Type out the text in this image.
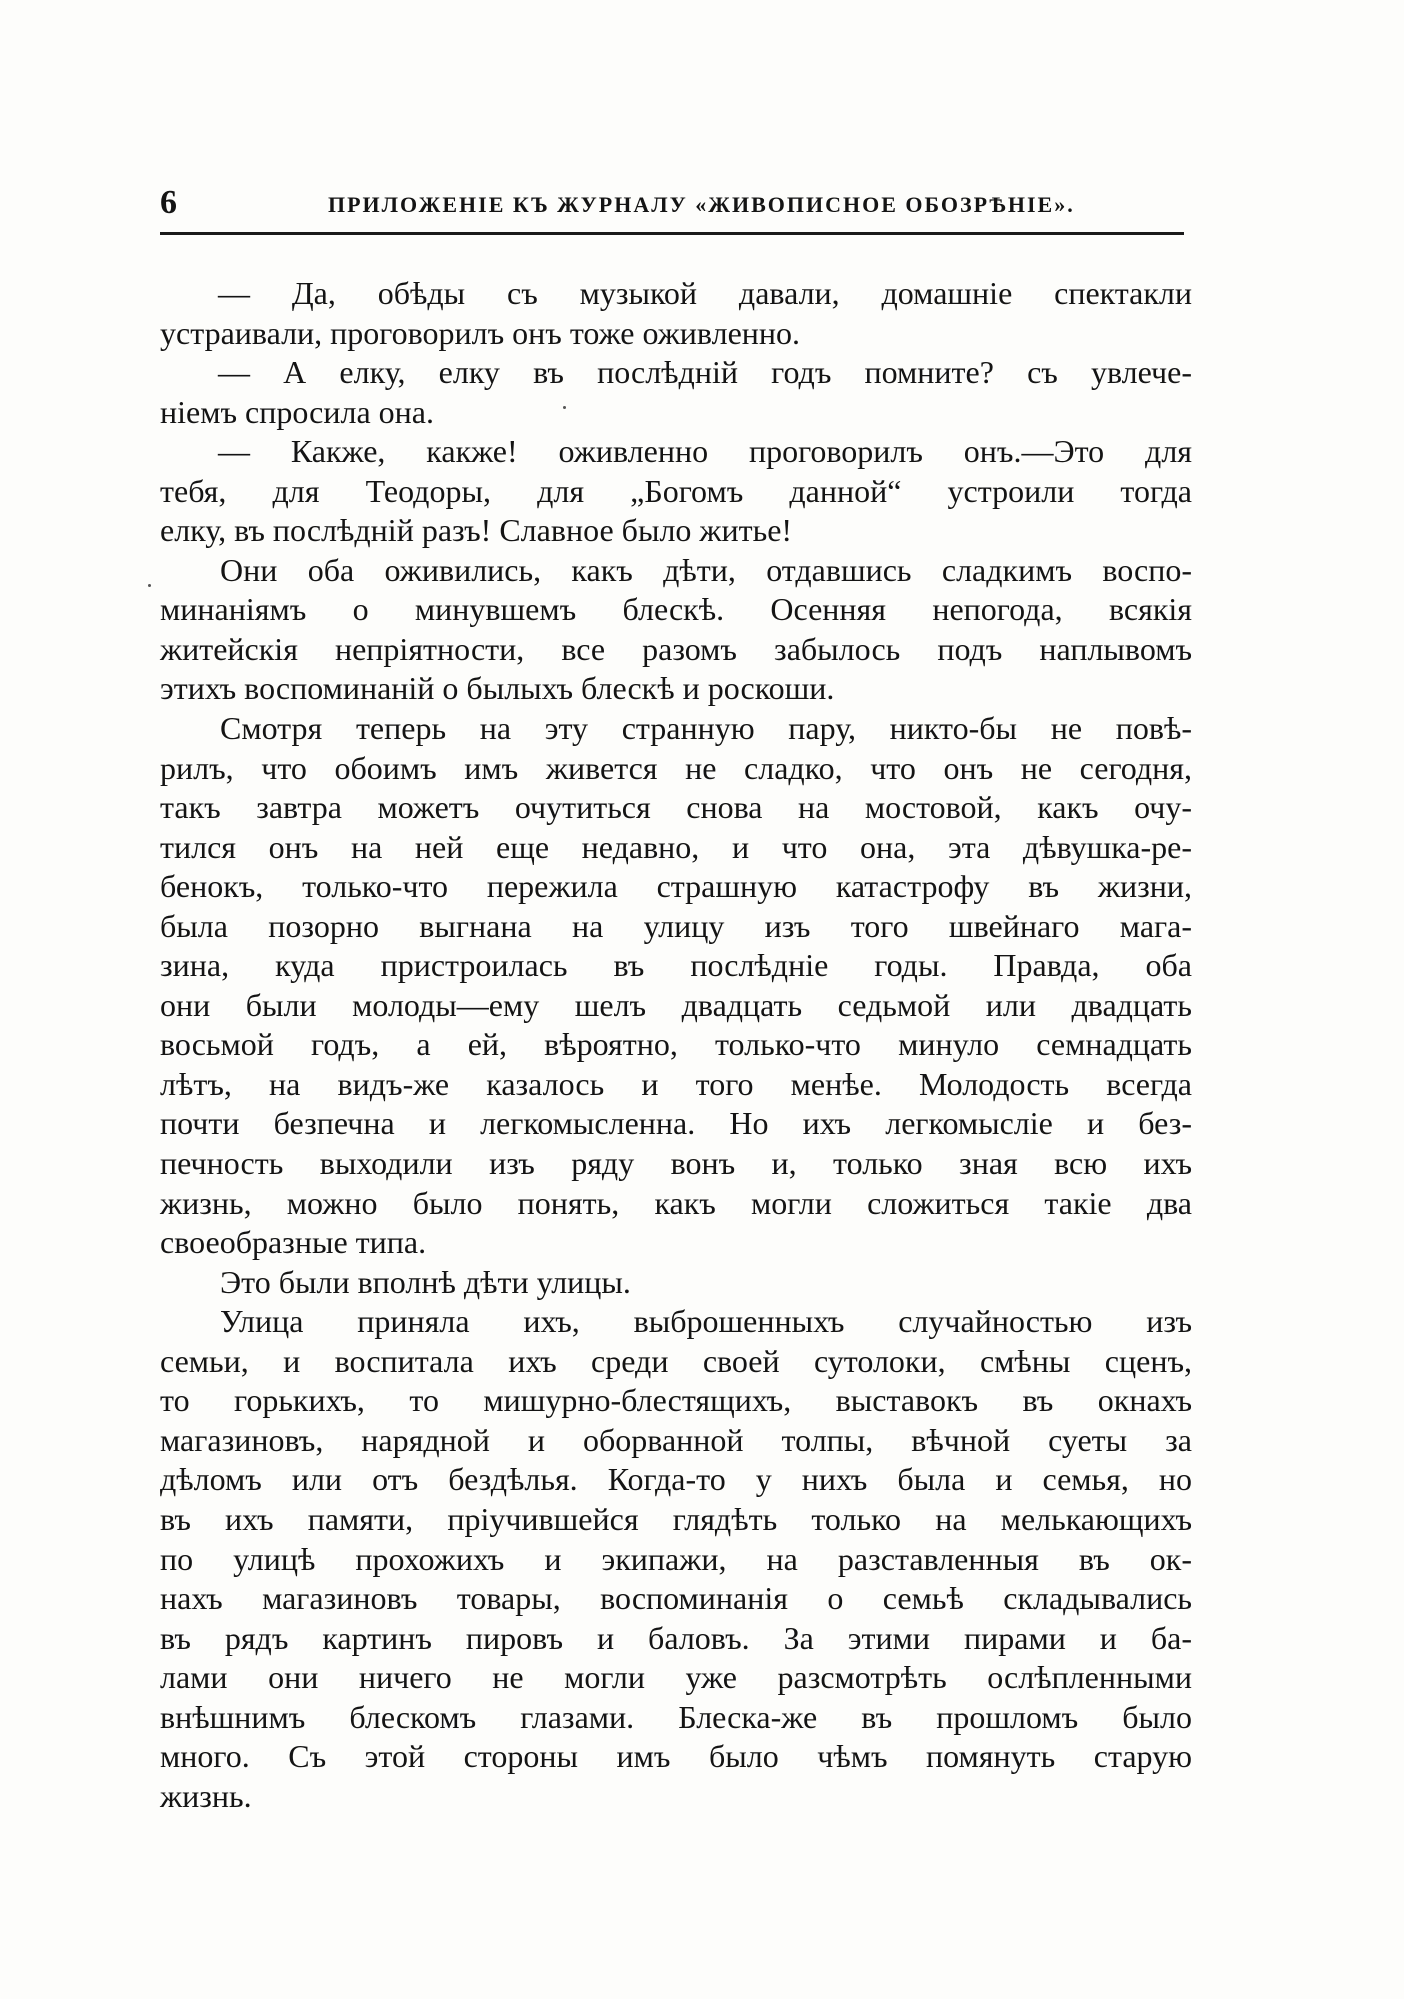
6	ПРИЛОЖЕНІЕ КЪ ЖУРНАЛУ «ЖИВОПИСНОЕ ОБОЗРѢНІЕ».
— Да, обѣды съ музыкой давали, домашніе спектакли
устраивали, проговорилъ онъ тоже оживленно.
— А елку, елку въ послѣдній годъ помните? съ увлече-
ніемъ спросила она.
— Какже, какже! оживленно проговорилъ онъ.—Это для
тебя, для Теодоры, для „Богомъ данной“ устроили тогда
елку, въ послѣдній разъ! Славное было житье!
Они оба оживились, какъ дѣти, отдавшись сладкимъ воспо-
минаніямъ о минувшемъ блескѣ. Осенняя непогода, всякія
житейскія непріятности, все разомъ забылось подъ наплывомъ
этихъ воспоминаній о былыхъ блескѣ и роскоши.
Смотря теперь на эту странную пару, никто-бы не повѣ-
рилъ, что обоимъ имъ живется не сладко, что онъ не сегодня,
такъ завтра можетъ очутиться снова на мостовой, какъ очу-
тился онъ на ней еще недавно, и что она, эта дѣвушка-ре-
бенокъ, только-что пережила страшную катастрофу въ жизни,
была позорно выгнана на улицу изъ того швейнаго мага-
зина, куда пристроилась въ послѣдніе годы. Правда, оба
они были молоды—ему шелъ двадцать седьмой или двадцать
восьмой годъ, а ей, вѣроятно, только-что минуло семнадцать
лѣтъ, на видъ-же казалось и того менѣе. Молодость всегда
почти безпечна и легкомысленна. Но ихъ легкомысліе и без-
печность выходили изъ ряду вонъ и, только зная всю ихъ
жизнь, можно было понять, какъ могли сложиться такіе два
своеобразные типа.
Это были вполнѣ дѣти улицы.
Улица приняла ихъ, выброшенныхъ случайностью изъ
семьи, и воспитала ихъ среди своей сутолоки, смѣны сценъ,
то горькихъ, то мишурно-блестящихъ, выставокъ въ окнахъ
магазиновъ, нарядной и оборванной толпы, вѣчной суеты за
дѣломъ или отъ бездѣлья. Когда-то у нихъ была и семья, но
въ ихъ памяти, пріучившейся глядѣть только на мелькающихъ
по улицѣ прохожихъ и экипажи, на разставленныя въ ок-
нахъ магазиновъ товары, воспоминанія о семьѣ складывались
въ рядъ картинъ пировъ и баловъ. За этими пирами и ба-
лами они ничего не могли уже разсмотрѣть ослѣпленными
внѣшнимъ блескомъ глазами. Блеска-же въ прошломъ было
много. Съ этой стороны имъ было чѣмъ помянуть старую
жизнь.
